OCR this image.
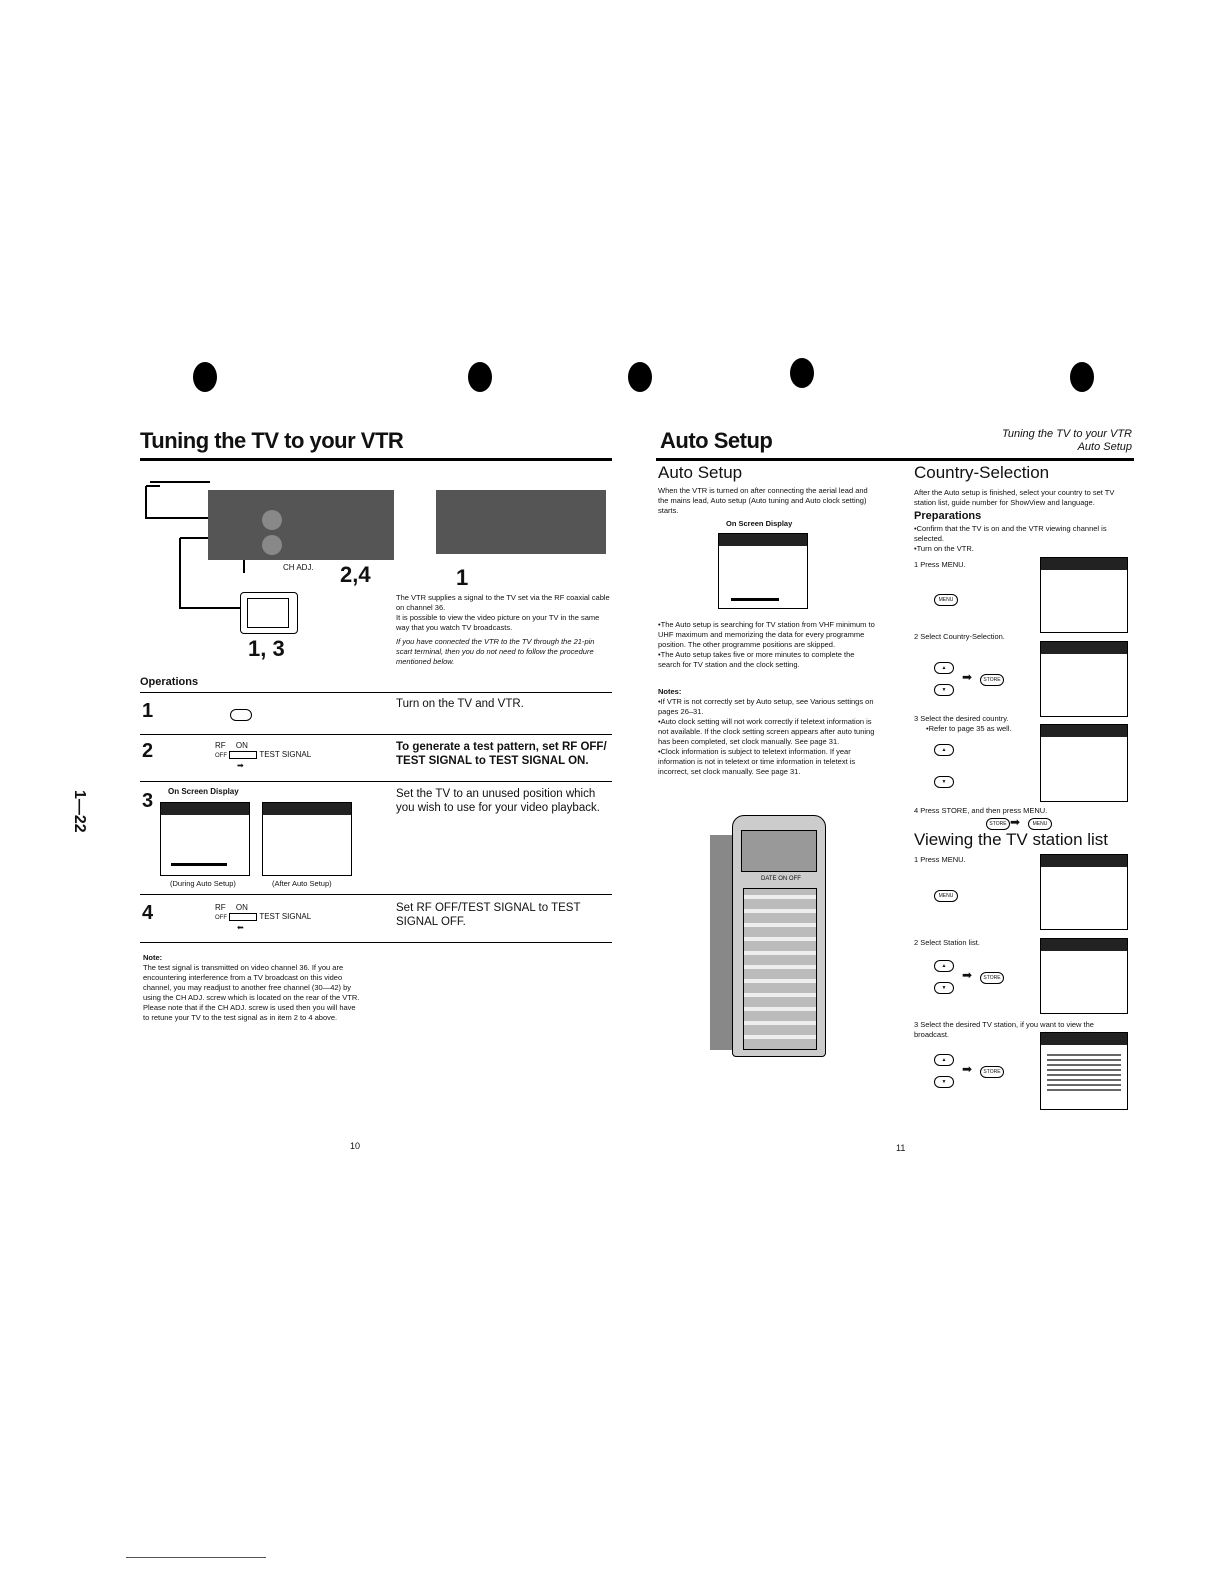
Tuning the TV to your VTR	Auto Setup	Tuning the TV to your VTR
Auto Setup
1—22
CH ADJ. 2,4
1, 3
1
The VTR supplies a signal to the TV set via the RF coaxial cable on channel 36.
It is possible to view the video picture on your TV in the same way that you watch TV broadcasts.
If you have connected the VTR to the TV through the 21-pin scart terminal, then you do not need to follow the procedure mentioned below.
Operations
1	Turn on the TV and VTR.
2	RF ON
OFF	TEST SIGNAL
➡
To generate a test pattern, set RF OFF/ TEST SIGNAL to TEST SIGNAL ON.
3 On Screen Display
(During Auto Setup)	(After Auto Setup)
Set the TV to an unused position which you wish to use for your video playback.
4	RF ON
OFF	TEST SIGNAL
⬅
Set RF OFF/TEST SIGNAL to TEST SIGNAL OFF.
Note:
The test signal is transmitted on video channel 36. If you are encountering interference from a TV broadcast on this video channel, you may readjust to another free channel (30—42) by using the CH ADJ. screw which is located on the rear of the VTR. Please note that if the CH ADJ. screw is used then you will have to retune your TV to the test signal as in item 2 to 4 above.
10
Auto Setup
When the VTR is turned on after connecting the aerial lead and the mains lead, Auto setup (Auto tuning and Auto clock setting) starts.
On Screen Display
•The Auto setup is searching for TV station from VHF minimum to UHF maximum and memorizing the data for every programme position. The other programme positions are skipped.
•The Auto setup takes five or more minutes to complete the search for TV station and the clock setting.
Notes:
•If VTR is not correctly set by Auto setup, see Various settings on pages 26–31.
•Auto clock setting will not work correctly if teletext information is not available. If the clock setting screen appears after auto tuning has been completed, set clock manually. See page 31.
•Clock information is subject to teletext information. If year information is not in teletext or time information in teletext is incorrect, set clock manually. See page 31.
DATE ON OFF
Country-Selection
After the Auto setup is finished, select your country to set TV station list, guide number for ShowView and language.
Preparations
•Confirm that the TV is on and the VTR viewing channel is selected.
•Turn on the VTR.
1 Press MENU.
MENU
2 Select Country-Selection.
▲
▼
➡	STORE
3 Select the desired country.
•Refer to page 35 as well.
▲
▼
4 Press STORE, and then press MENU.
STORE ➡	MENU
Viewing the TV station list
1 Press MENU.
MENU
2 Select Station list.
▲
▼
➡	STORE
3 Select the desired TV station, if you want to view the broadcast.
▲
▼
➡	STORE
11
